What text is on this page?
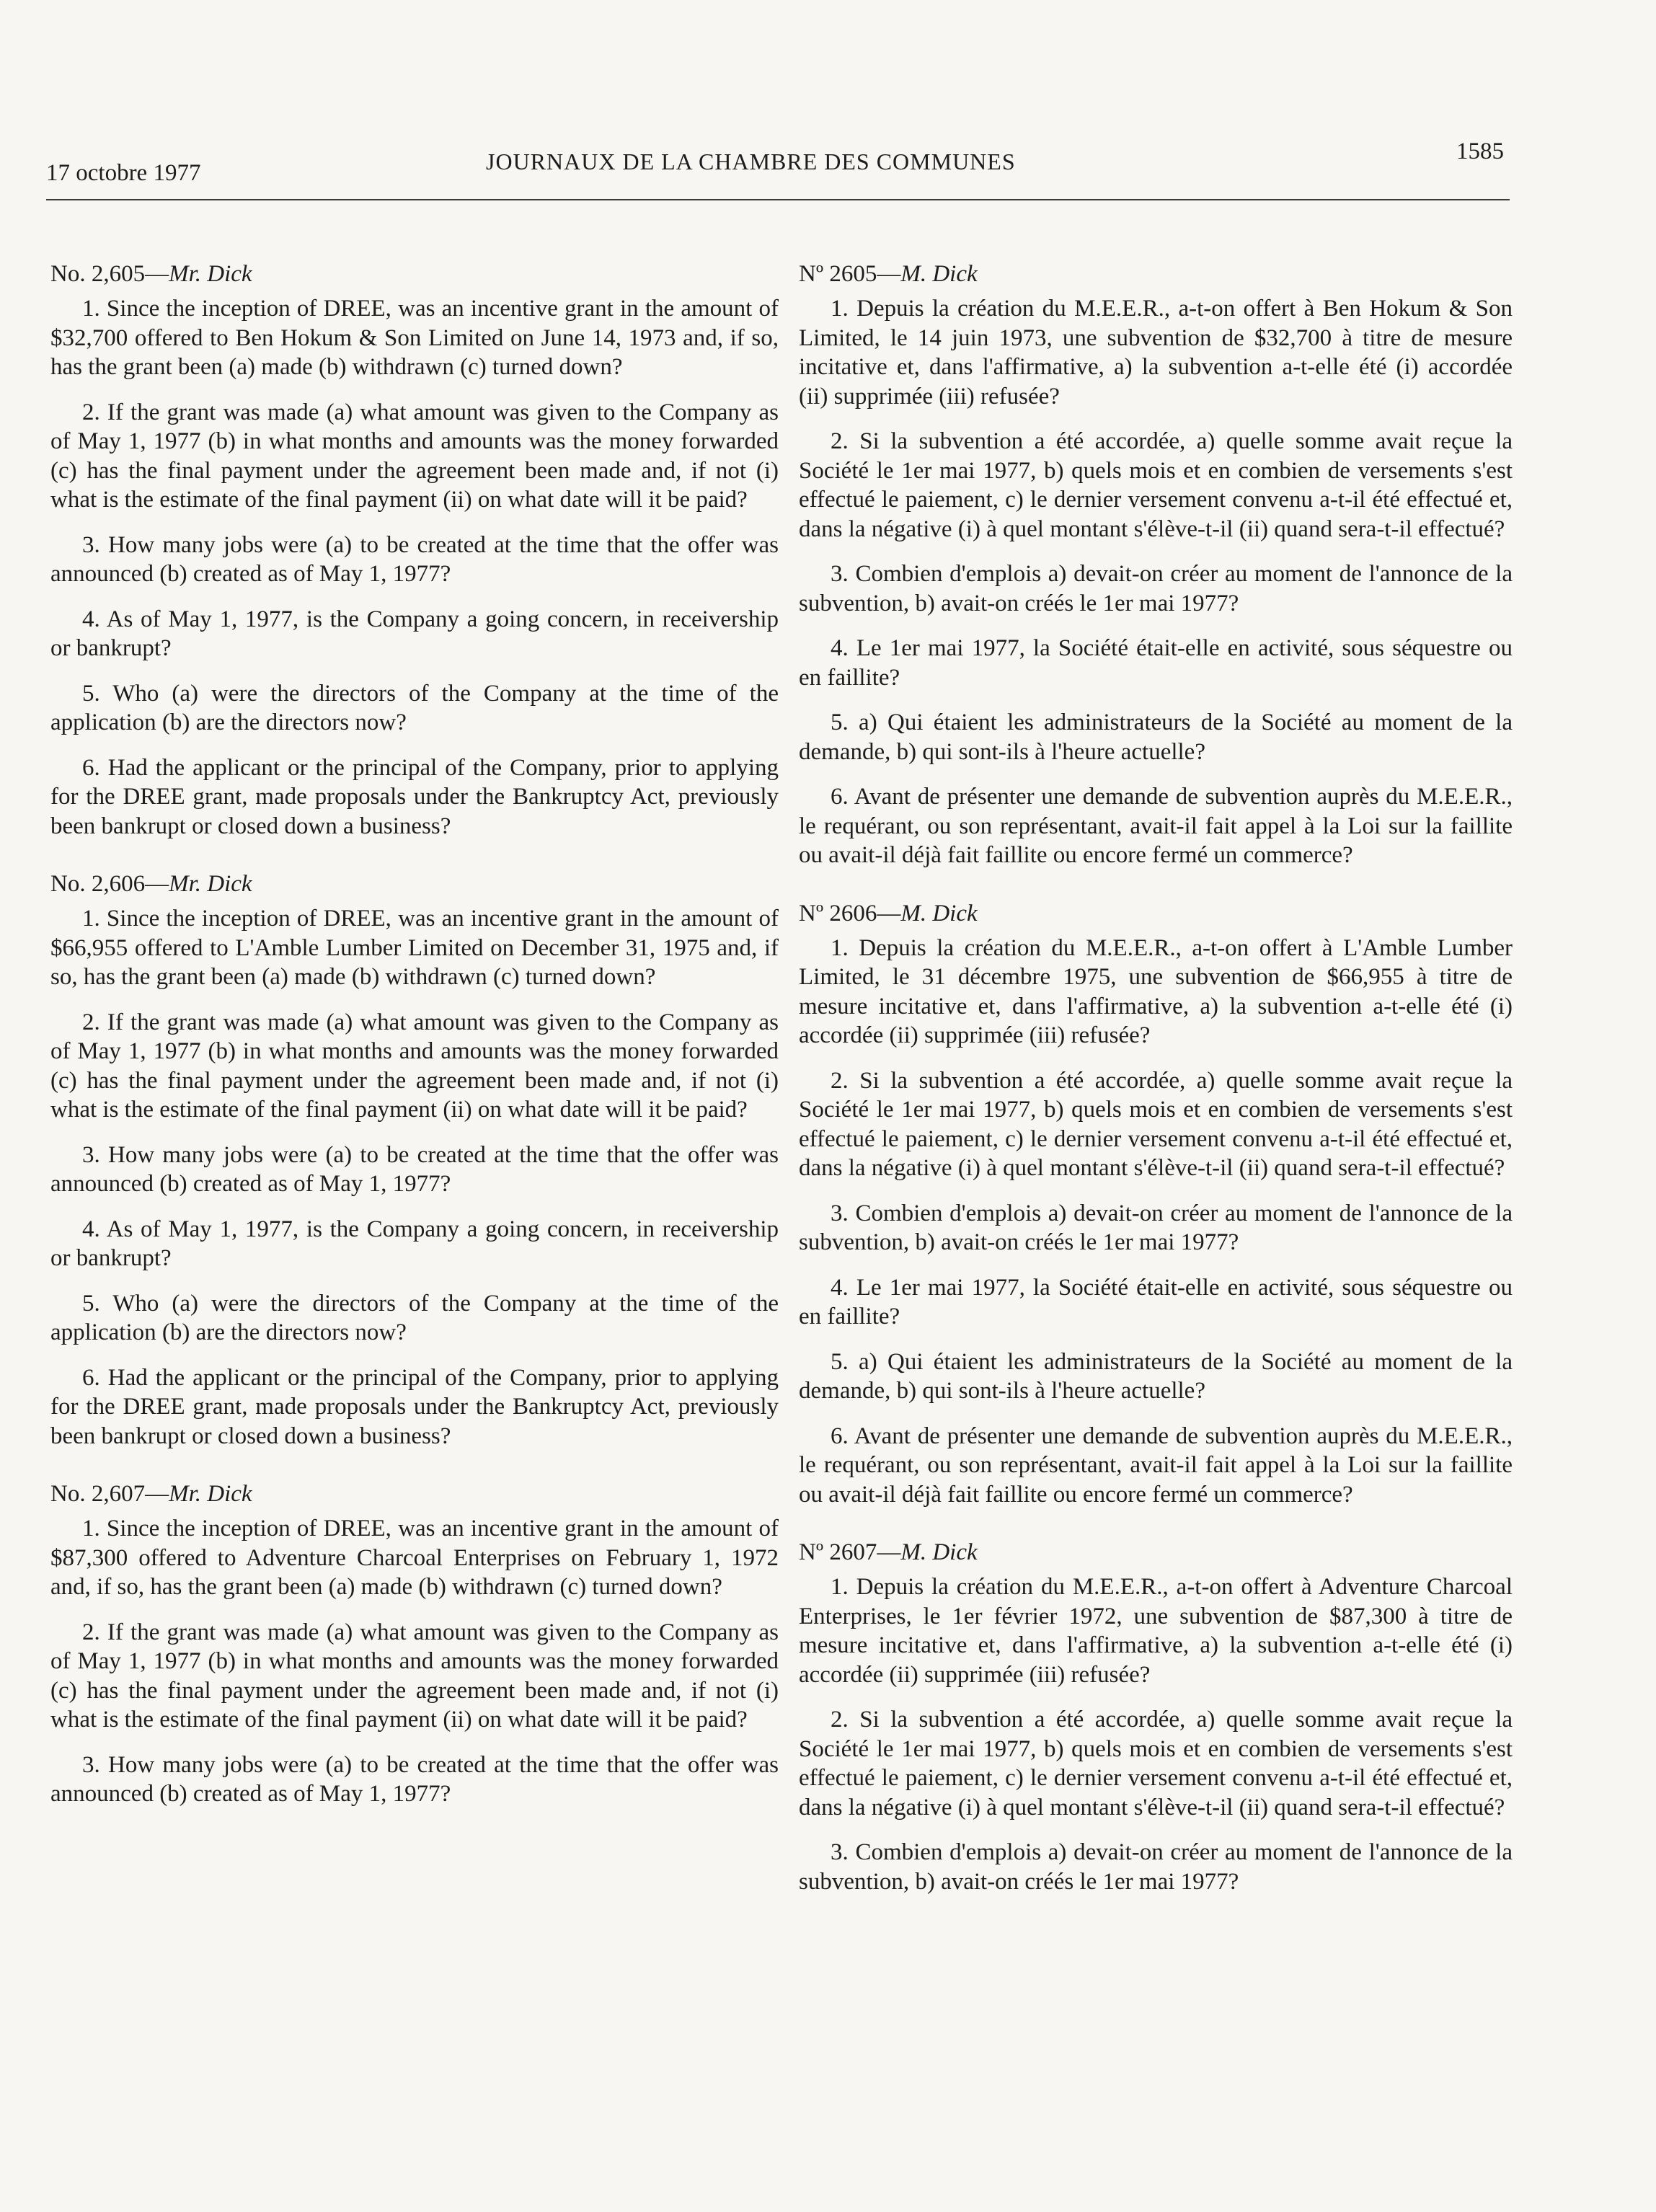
17 octobre 1977	JOURNAUX DE LA CHAMBRE DES COMMUNES	1585
No. 2,605—Mr. Dick

1. Since the inception of DREE, was an incentive grant in the amount of $32,700 offered to Ben Hokum & Son Limited on June 14, 1973 and, if so, has the grant been (a) made (b) withdrawn (c) turned down?

2. If the grant was made (a) what amount was given to the Company as of May 1, 1977 (b) in what months and amounts was the money forwarded (c) has the final payment under the agreement been made and, if not (i) what is the estimate of the final payment (ii) on what date will it be paid?

3. How many jobs were (a) to be created at the time that the offer was announced (b) created as of May 1, 1977?

4. As of May 1, 1977, is the Company a going concern, in receivership or bankrupt?

5. Who (a) were the directors of the Company at the time of the application (b) are the directors now?

6. Had the applicant or the principal of the Company, prior to applying for the DREE grant, made proposals under the Bankruptcy Act, previously been bankrupt or closed down a business?

No. 2,606—Mr. Dick

1. Since the inception of DREE, was an incentive grant in the amount of $66,955 offered to L'Amble Lumber Limited on December 31, 1975 and, if so, has the grant been (a) made (b) withdrawn (c) turned down?

2. If the grant was made (a) what amount was given to the Company as of May 1, 1977 (b) in what months and amounts was the money forwarded (c) has the final payment under the agreement been made and, if not (i) what is the estimate of the final payment (ii) on what date will it be paid?

3. How many jobs were (a) to be created at the time that the offer was announced (b) created as of May 1, 1977?

4. As of May 1, 1977, is the Company a going concern, in receivership or bankrupt?

5. Who (a) were the directors of the Company at the time of the application (b) are the directors now?

6. Had the applicant or the principal of the Company, prior to applying for the DREE grant, made proposals under the Bankruptcy Act, previously been bankrupt or closed down a business?

No. 2,607—Mr. Dick

1. Since the inception of DREE, was an incentive grant in the amount of $87,300 offered to Adventure Charcoal Enterprises on February 1, 1972 and, if so, has the grant been (a) made (b) withdrawn (c) turned down?

2. If the grant was made (a) what amount was given to the Company as of May 1, 1977 (b) in what months and amounts was the money forwarded (c) has the final payment under the agreement been made and, if not (i) what is the estimate of the final payment (ii) on what date will it be paid?

3. How many jobs were (a) to be created at the time that the offer was announced (b) created as of May 1, 1977?

Nº 2605—M. Dick

1. Depuis la création du M.E.E.R., a-t-on offert à Ben Hokum & Son Limited, le 14 juin 1973, une subvention de $32,700 à titre de mesure incitative et, dans l'affirmative, a) la subvention a-t-elle été (i) accordée (ii) supprimée (iii) refusée?

2. Si la subvention a été accordée, a) quelle somme avait reçue la Société le 1er mai 1977, b) quels mois et en combien de versements s'est effectué le paiement, c) le dernier versement convenu a-t-il été effectué et, dans la négative (i) à quel montant s'élève-t-il (ii) quand sera-t-il effectué?

3. Combien d'emplois a) devait-on créer au moment de l'annonce de la subvention, b) avait-on créés le 1er mai 1977?

4. Le 1er mai 1977, la Société était-elle en activité, sous séquestre ou en faillite?

5. a) Qui étaient les administrateurs de la Société au moment de la demande, b) qui sont-ils à l'heure actuelle?

6. Avant de présenter une demande de subvention auprès du M.E.E.R., le requérant, ou son représentant, avait-il fait appel à la Loi sur la faillite ou avait-il déjà fait faillite ou encore fermé un commerce?

Nº 2606—M. Dick

1. Depuis la création du M.E.E.R., a-t-on offert à L'Amble Lumber Limited, le 31 décembre 1975, une subvention de $66,955 à titre de mesure incitative et, dans l'affirmative, a) la subvention a-t-elle été (i) accordée (ii) supprimée (iii) refusée?

2. Si la subvention a été accordée, a) quelle somme avait reçue la Société le 1er mai 1977, b) quels mois et en combien de versements s'est effectué le paiement, c) le dernier versement convenu a-t-il été effectué et, dans la négative (i) à quel montant s'élève-t-il (ii) quand sera-t-il effectué?

3. Combien d'emplois a) devait-on créer au moment de l'annonce de la subvention, b) avait-on créés le 1er mai 1977?

4. Le 1er mai 1977, la Société était-elle en activité, sous séquestre ou en faillite?

5. a) Qui étaient les administrateurs de la Société au moment de la demande, b) qui sont-ils à l'heure actuelle?

6. Avant de présenter une demande de subvention auprès du M.E.E.R., le requérant, ou son représentant, avait-il fait appel à la Loi sur la faillite ou avait-il déjà fait faillite ou encore fermé un commerce?

Nº 2607—M. Dick

1. Depuis la création du M.E.E.R., a-t-on offert à Adventure Charcoal Enterprises, le 1er février 1972, une subvention de $87,300 à titre de mesure incitative et, dans l'affirmative, a) la subvention a-t-elle été (i) accordée (ii) supprimée (iii) refusée?

2. Si la subvention a été accordée, a) quelle somme avait reçue la Société le 1er mai 1977, b) quels mois et en combien de versements s'est effectué le paiement, c) le dernier versement convenu a-t-il été effectué et, dans la négative (i) à quel montant s'élève-t-il (ii) quand sera-t-il effectué?

3. Combien d'emplois a) devait-on créer au moment de l'annonce de la subvention, b) avait-on créés le 1er mai 1977?
